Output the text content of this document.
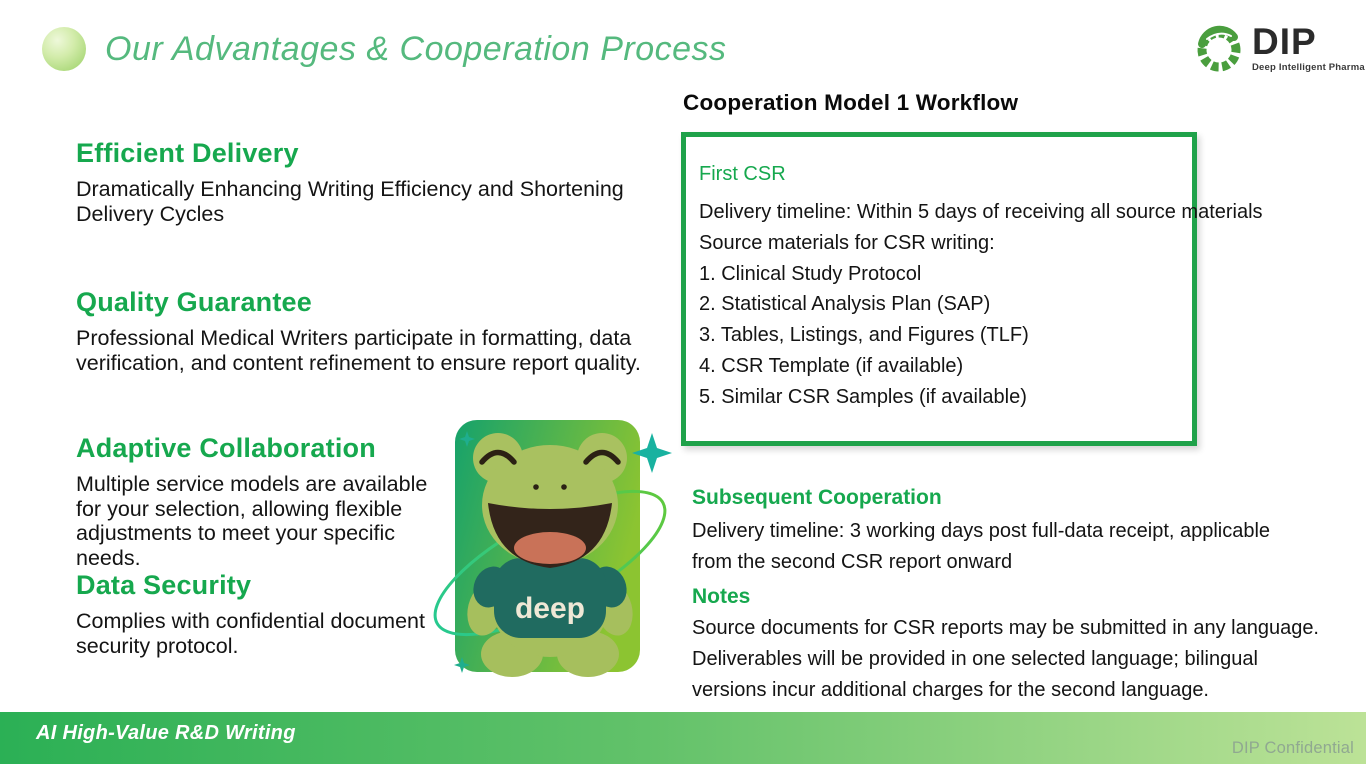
Our Advantages & Cooperation Process	DIP
Deep Intelligent Pharma
Efficient Delivery
Dramatically Enhancing Writing Efficiency and Shortening Delivery Cycles
Quality Guarantee
Professional Medical Writers participate in formatting, data verification, and content refinement to ensure report quality.
Adaptive Collaboration
Multiple service models are available for your selection, allowing flexible adjustments to meet your specific needs.
Data Security
Complies with confidential document security protocol.
deep
Cooperation Model 1 Workflow
First CSR
Delivery timeline: Within 5 days of receiving all source materials
Source materials for CSR writing:
1. Clinical Study Protocol
2. Statistical Analysis Plan (SAP)
3. Tables, Listings, and Figures (TLF)
4. CSR Template (if available)
5. Similar CSR Samples (if available)
Subsequent Cooperation
Delivery timeline: 3 working days post full-data receipt, applicable
from the second CSR report onward
Notes
Source documents for CSR reports may be submitted in any language.
Deliverables will be provided in one selected language; bilingual
versions incur additional charges for the second language.
AI High-Value R&D Writing
DIP Confidential
